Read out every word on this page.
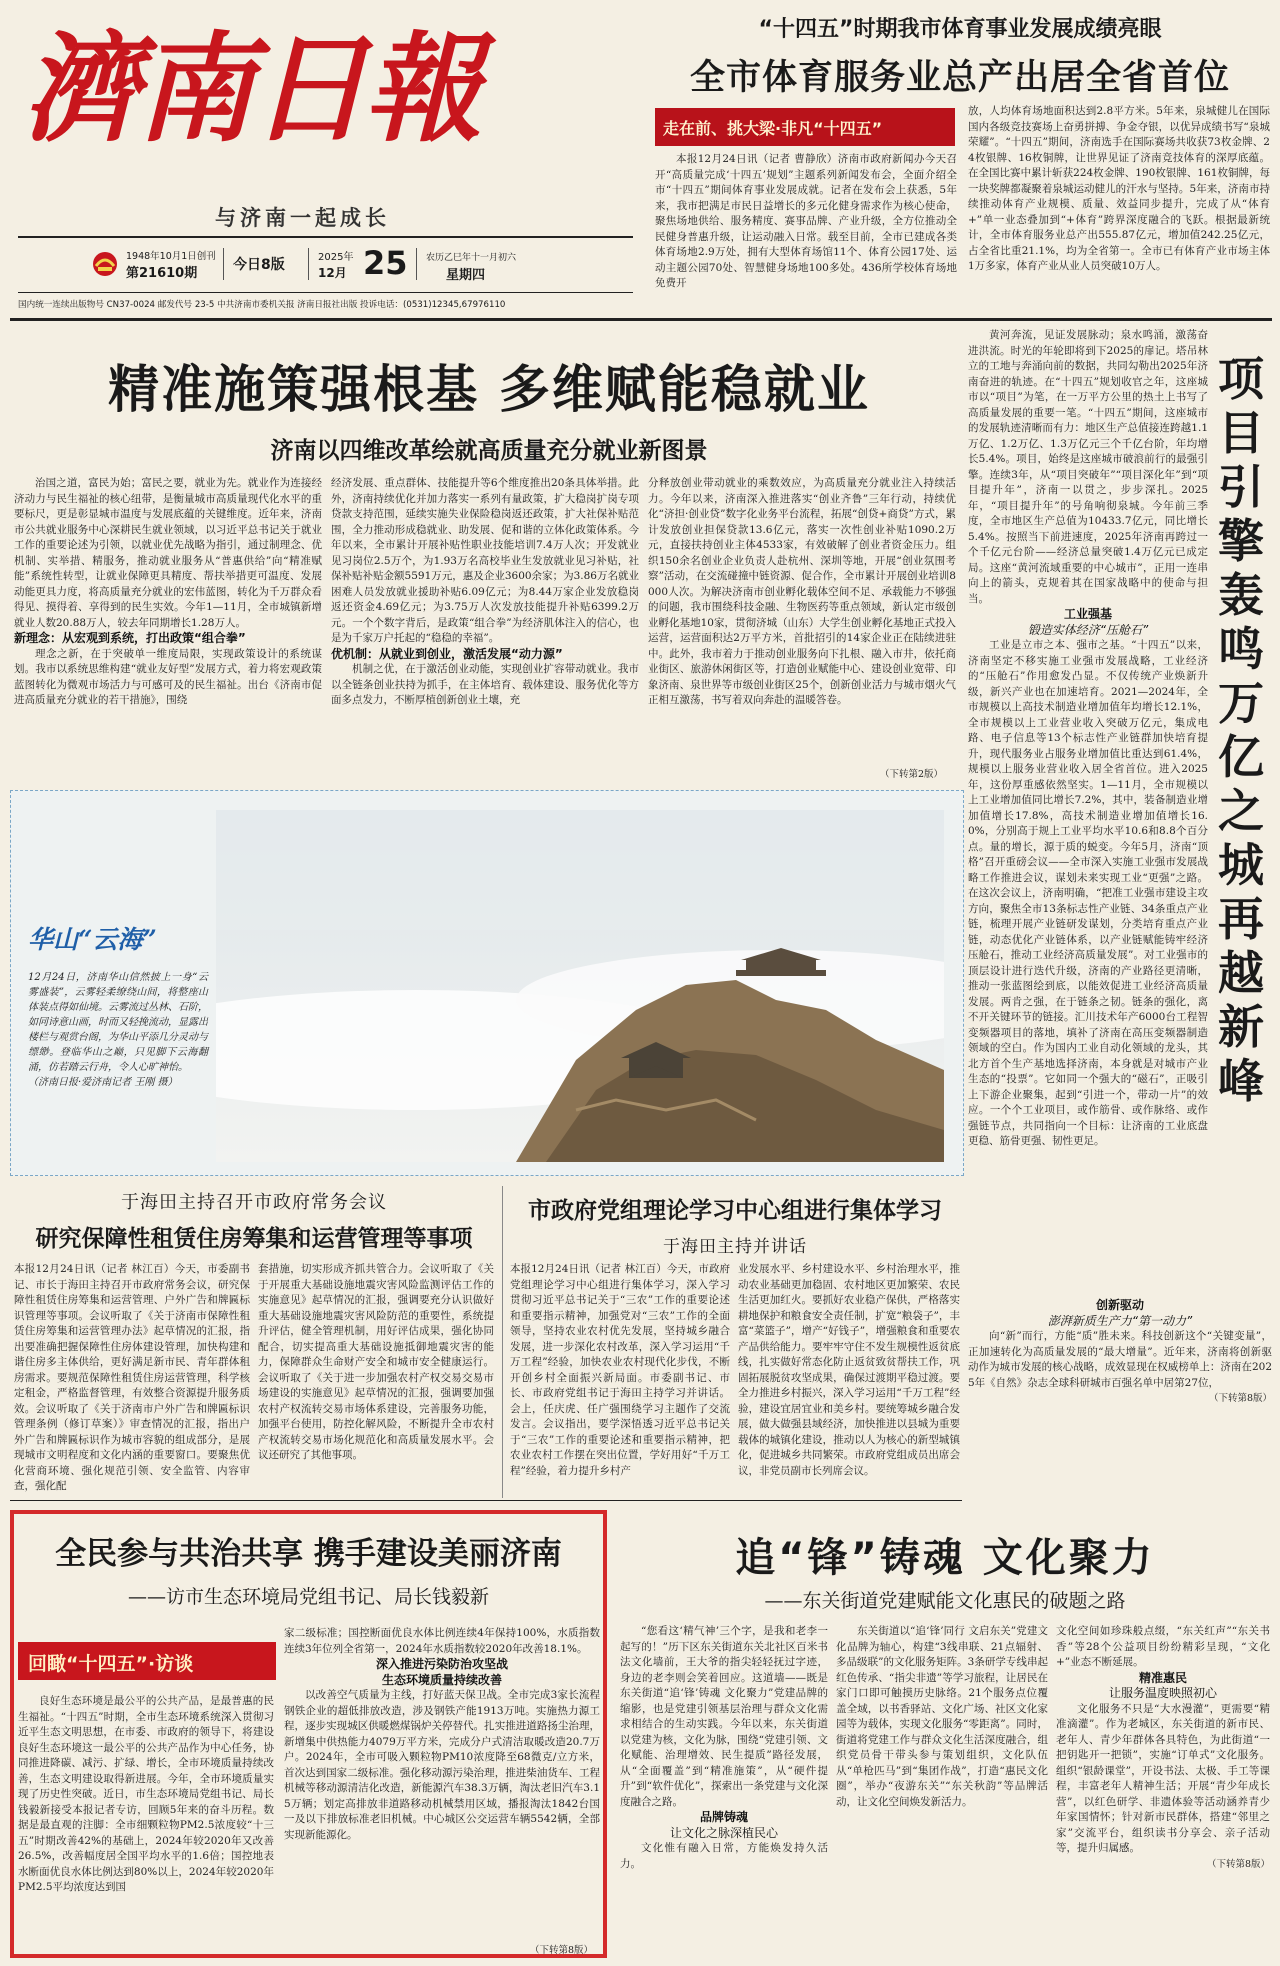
濟南日報
与济南一起成长
1948年10月1日创刊
第21610期
今日8版	2025年
12月 25 农历乙巳年十一月初六
星期四
国内统一连续出版物号 CN37-0024 邮发代号 23-5 中共济南市委机关报 济南日报社出版 投诉电话：(0531)12345,67976110
“十四五”时期我市体育事业发展成绩亮眼
全市体育服务业总产出居全省首位
走在前、挑大梁·非凡“十四五”

本报12月24日讯（记者 曹静欣）济南市政府新闻办今天召开“高质量完成‘十四五’规划”主题系列新闻发布会，全面介绍全市“十四五”期间体育事业发展成就。记者在发布会上获悉，5年来，我市把满足市民日益增长的多元化健身需求作为核心使命，聚焦场地供给、服务精度、赛事品牌、产业升级，全方位推动全民健身普惠升级，让运动融入日常。载至目前，全市已建成各类体育场地2.9万处，拥有大型体育场馆11个、体育公园17处、运动主题公园70处、智慧健身场地100多处。436所学校体育场地免费开

放，人均体育场地面积达到2.8平方米。5年来，泉城健儿在国际国内各级竞技赛场上奋勇拼搏、争金夺银，以优异成绩书写“泉城荣耀”。“十四五”期间，济南选手在国际赛场共收获73枚金牌、24枚银牌、16枚铜牌，让世界见证了济南竞技体育的深厚底蕴。在全国比赛中累计斩获224枚金牌、190枚银牌、161枚铜牌，每一块奖牌都凝聚着泉城运动健儿的汗水与坚持。5年来，济南市持续推动体育产业规模、质量、效益同步提升，完成了从“体育+”单一业态叠加到“+体育”跨界深度融合的飞跃。根据最新统计，全市体育服务业总产出555.87亿元，增加值242.25亿元，占全省比重21.1%，均为全省第一。全市已有体育产业市场主体1万多家，体育产业从业人员突破10万人。

精准施策强根基 多维赋能稳就业
济南以四维改革绘就高质量充分就业新图景

治国之道，富民为始；富民之要，就业为先。就业作为连接经济动力与民生福祉的核心纽带，是衡量城市高质量现代化水平的重要标尺，更是彰显城市温度与发展底蕴的关键维度。近年来，济南市公共就业服务中心深耕民生就业领域，以习近平总书记关于就业工作的重要论述为引领，以就业优先战略为指引，通过制理念、优机制、实举措、精服务，推动就业服务从“普惠供给”向“精准赋能”系统性转型，让就业保障更具精度、帮扶举措更可温度、发展动能更具力度，将高质量充分就业的宏伟蓝图，转化为千万群众看得见、摸得着、享得到的民生实效。今年1—11月，全市城镇新增就业人数20.88万人，较去年同期增长1.28万人。

新理念：从宏观到系统，打出政策“组合拳”

理念之新，在于突破单一维度局限，实现政策设计的系统谋划。我市以系统思维构建“就业友好型”发展方式，着力将宏观政策蓝图转化为微观市场活力与可感可及的民生福祉。出台《济南市促进高质量充分就业的若干措施》，围绕

经济发展、重点群体、技能提升等6个维度推出20条具体举措。此外，济南持续优化并加力落实一系列有量政策，扩大稳岗扩岗专项贷款支持范围，延续实施失业保险稳岗返还政策，扩大社保补贴范围，全力推动形成稳就业、助发展、促和谐的立体化政策体系。今年以来，全市累计开展补贴性职业技能培训7.4万人次；开发就业见习岗位2.5万个，为1.93万名高校毕业生发放就业见习补贴，社保补贴补贴金额5591万元，惠及企业3600余家；为3.86万名就业困难人员发放就业援助补贴6.09亿元；为8.44万家企业发放稳岗返还资金4.69亿元；为3.75万人次发放技能提升补贴6399.2万元。一个个数字背后，是政策“组合拳”为经济肌体注入的信心，也是为千家万户托起的“稳稳的幸福”。

优机制：从就业到创业，激活发展“动力源”

机制之优，在于激活创业动能，实现创业扩容带动就业。我市以全链条创业扶持为抓手，在主体培育、载体建设、服务优化等方面多点发力，不断厚植创新创业土壤，充

分释放创业带动就业的乘数效应，为高质量充分就业注入持续活力。今年以来，济南深入推进落实“创业齐鲁”三年行动，持续优化“济担·创业贷”数字化业务平台流程，拓展“创贷+商贷”方式，累计发放创业担保贷款13.6亿元，落实一次性创业补贴1090.2万元，直接扶持创业主体4533家，有效破解了创业者资金压力。组织150余名创业企业负责人赴杭州、深圳等地，开展“创业氛围考察”活动，在交流碰撞中链资源、促合作，全市累计开展创业培训8000人次。为解决济南市创业孵化载体空间不足、承载能力不够强的问题，我市围绕科技金融、生物医药等重点领域，新认定市级创业孵化基地10家，贯彻济城（山东）大学生创业孵化基地正式投入运营，运营面积达2万平方米，首批招引的14家企业正在陆续进驻中。此外，我市着力于推动创业服务向下扎根、融入市井，依托商业街区、旅游休闲街区等，打造创业赋能中心、建设创业宽带、印象济南、泉世界等市级创业街区25个，创新创业活力与城市烟火气正相互激荡，书写着双向奔赴的温暖答卷。

（下转第2版）
华山“云海”
12月24日，济南华山信然披上一身“云雾盛装”，云雾轻柔缭绕山间，将整座山体装点得如仙境。云雾流过丛林、石阶，如同诗意山画，时而又轻挽流动，显露出楼栏与观赏台阁，为华山平添几分灵动与缥缈。登临华山之巅，只见脚下云海翻涌，仿若踏云行舟，令人心旷神怡。
（济南日报·爱济南记者 王刚 摄）
项目引擎轰鸣 万亿之城再越新峰

黄河奔流，见证发展脉动；泉水鸣涌，激荡奋进洪流。时光的年轮即将到下2025的扉记。塔吊林立的工地与奔涌向前的数据，共同勾勒出2025年济南奋进的轨迹。在“十四五”规划收官之年，这座城市以“项目”为笔，在一万平方公里的热土上书写了高质量发展的重要一笔。“十四五”期间，这座城市的发展轨迹清晰而有力：地区生产总值接连跨越1.1万亿、1.2万亿、1.3万亿元三个千亿台阶，年均增长5.4%。项目，始终是这座城市破浪前行的最强引擎。连续3年，从“项目突破年”“项目深化年”到“项目提升年”，济南一以贯之，步步深扎。2025年，“项目提升年”的号角响彻泉城。今年前三季度，全市地区生产总值为10433.7亿元，同比增长5.4%。按照当下前进速度，2025年济南再跨过一个千亿元台阶——经济总量突破1.4万亿元已成定局。这座“黄河流域重要的中心城市”，正用一连串向上的箭头，克规着其在国家战略中的使命与担当。

工业强基

锻造实体经济“压舱石”

工业是立市之本、强市之基。“十四五”以来，济南坚定不移实施工业强市发展战略，工业经济的“压舱石”作用愈发凸显。不仅传统产业焕新升级，新兴产业也在加速培育。2021—2024年，全市规模以上高技术制造业增加值年均增长12.1%，全市规模以上工业营业收入突破万亿元，集成电路、电子信息等13个标志性产业链群加快培育提升，现代服务业占服务业增加值比重达到61.4%，规模以上服务业营业收入居全省首位。进入2025年，这份厚重感依然坚实。1—11月，全市规模以上工业增加值同比增长7.2%，其中，装备制造业增加值增长17.8%，高技术制造业增加值增长16.0%，分别高于规上工业平均水平10.6和8.8个百分点。量的增长，源于质的蜕变。今年5月，济南“顶格”召开重磅会议——全市深入实施工业强市发展战略工作推进会议，谋划未来实现工业“更强”之路。在这次会议上，济南明确，“把准工业强市建设主攻方向，聚焦全市13条标志性产业链、34条重点产业链，梳理开展产业链研发谋划，分类培育重点产业链，动态优化产业链体系，以产业链赋能铸牢经济压舱石，推动工业经济高质量发展”。对工业强市的顶层设计进行迭代升级，济南的产业路径更清晰，推动一张蓝图绘到底，以能效促进工业经济高质量发展。两肯之强，在于链条之韧。链条的强化，离不开关键环节的链接。汇川技术年产6000台工程智变频器项目的落地，填补了济南在高压变频器制造领域的空白。作为国内工业自动化领域的龙头，其北方首个生产基地选择济南，本身就是对城市产业生态的“投票”。它如同一个强大的“磁石”，正吸引上下游企业聚集，起到“引进一个，带动一片”的效应。一个个工业项目，或作筋骨、或作脉络、或作强链节点，共同指向一个目标：让济南的工业底盘更稳、筋骨更强、韧性更足。

创新驱动

澎湃新质生产力“第一动力”

向“新”而行，方能“质”胜未来。科技创新这个“关键变量”，正加速转化为高质量发展的“最大增量”。近年来，济南将创新驱动作为城市发展的核心战略，成效显现在权威榜单上：济南在2025年《自然》杂志全球科研城市百强名单中居第27位，

（下转第8版）
于海田主持召开市政府常务会议
研究保障性租赁住房筹集和运营管理等事项

本报12月24日讯（记者 林江百）今天，市委副书记、市长于海田主持召开市政府常务会议，研究保障性租赁住房筹集和运营管理、户外广告和牌匾标识管理等事项。会议听取了《关于济南市保障性租赁住房筹集和运营管理办法》起草情况的汇报，指出要准确把握保障性住房体建设管理，加快构建和谐住房多主体供给，更好满足新市民、青年群体租房需求。要规范保障性租赁住房运营管理，科学核定租金，严格监督管理，有效整合资源提升服务质效。会议听取了《关于济南市户外广告和牌匾标识管理条例（修订草案）》审查情况的汇报，指出户外广告和牌匾标识作为城市容貌的组成部分，是展现城市文明程度和文化内涵的重要窗口。要聚焦优化营商环境、强化规范引领、安全监管、内容审查，强化配

套措施，切实形成齐抓共管合力。会议听取了《关于开展重大基础设施地震灾害风险监测评估工作的实施意见》起草情况的汇报，强调要充分认识做好重大基础设施地震灾害风险防范的重要性，系统提升评估，健全管理机制，用好评估成果，强化协同配合，切实提高重大基础设施抵御地震灾害的能力，保障群众生命财产安全和城市安全健康运行。会议听取了《关于进一步加强农村产权交易交易市场建设的实施意见》起草情况的汇报，强调要加强农村产权流转交易市场体系建设，完善服务功能，加强平台使用，防控化解风险，不断提升全市农村产权流转交易市场化规范化和高质量发展水平。会议还研究了其他事项。

市政府党组理论学习中心组进行集体学习
于海田主持并讲话

本报12月24日讯（记者 林江百）今天，市政府党组理论学习中心组进行集体学习，深入学习贯彻习近平总书记关于“三农”工作的重要论述和重要指示精神，加强党对“三农”工作的全面领导，坚持农业农村优先发展，坚持城乡融合发展，进一步深化农村改革，深入学习运用“千万工程”经验，加快农业农村现代化步伐，不断开创乡村全面振兴新局面。市委副书记、市长、市政府党组书记于海田主持学习并讲话。会上，任庆虎、任广强围绕学习主题作了交流发言。会议指出，要学深悟透习近平总书记关于“三农”工作的重要论述和重要指示精神，把农业农村工作摆在突出位置，学好用好“千万工程”经验，着力提升乡村产

业发展水平、乡村建设水平、乡村治理水平，推动农业基础更加稳固、农村地区更加繁荣、农民生活更加红火。要抓好农业稳产保供，严格落实耕地保护和粮食安全责任制，扩宽“粮袋子”，丰富“菜篮子”，增产“好钱子”，增强粮食和重要农产品供给能力。要牢牢守住不发生规模性返贫底线，扎实做好常态化防止返贫致贫帮扶工作，巩固拓展脱贫攻坚成果，确保过渡期平稳过渡。要全力推进乡村振兴，深入学习运用“千万工程”经验，建设宜居宜业和美乡村。要统筹城乡融合发展，做大做强县域经济，加快推进以县城为重要载体的城镇化建设，推动以人为核心的新型城镇化，促进城乡共同繁荣。市政府党组成员出席会议，非党员副市长列席会议。

全民参与共治共享 携手建设美丽济南
——访市生态环境局党组书记、局长钱毅新
回瞰“十四五”·访谈

良好生态环境是最公平的公共产品，是最普惠的民生福祉。“十四五”时期，全市生态环境系统深入贯彻习近平生态文明思想，在市委、市政府的领导下，将建设良好生态环境这一最公平的公共产品作为中心任务，协同推进降碳、减污、扩绿、增长，全市环境质量持续改善，生态文明建设取得新进展。今年，全市环境质量实现了历史性突破。近日，市生态环境局党组书记、局长钱毅新接受本报记者专访，回顾5年来的奋斗历程。数据是最直观的注脚：全市细颗粒物PM2.5浓度较“十三五”时期改善42%的基础上，2024年较2020年又改善26.5%，改善幅度居全国平均水平的1.6倍；国控地表水断面优良水体比例达到80%以上，2024年较2020年PM2.5平均浓度达到国

家二级标准；国控断面优良水体比例连续4年保持100%，水质指数连续3年位列全省第一，2024年水质指数较2020年改善18.1%。

深入推进污染防治攻坚战

生态环境质量持续改善

以改善空气质量为主线，打好蓝天保卫战。全市完成3家长流程钢铁企业的超低排放改造，涉及钢铁产能1913万吨。实施热力源工程，逐步实现城区供暖燃煤锅炉关停替代。扎实推进道路扬尘治理，新增集中供热能力4079万平方米，完成分户式清洁取暖改造20.7万户。2024年，全市可吸入颗粒物PM10浓度降至68微克/立方米，首次达到国家二级标准。强化移动源污染治理，推进柴油货车、工程机械等移动源清洁化改造，新能源汽车38.3万辆，淘汰老旧汽车3.15万辆；划定高排放非道路移动机械禁用区域，播报淘汰1842台国一及以下排放标准老旧机械。中心城区公交运营车辆5542辆，全部实现新能源化。

（下转第8版）
追“锋”铸魂 文化聚力
——东关街道党建赋能文化惠民的破题之路

“您看这‘精气神’三个字，是我和老李一起写的！”历下区东关街道东关北社区百米书法文化墙前，王大爷的指尖轻轻抚过字迹，身边的老李则会笑着回应。这道墙——既是东关街道“追‘锋’铸魂 文化聚力”党建品牌的缩影，也是党建引领基层治理与群众文化需求相结合的生动实践。今年以来，东关街道以党建为核，文化为脉，围绕“党建引领、文化赋能、治理增效、民生提质”路径发展，从“全面覆盖”到“精准施策”，从“硬件提升”到“软件优化”，探索出一条党建与文化深度融合之路。

品牌铸魂

让文化之脉深植民心

文化惟有融入日常，方能焕发持久活力。

东关街道以“追‘锋’同行 文启东关”党建文化品牌为轴心，构建“3线串联、21点辐射、多品级联”的文化服务矩阵。3条研学专线串起红色传承、“指尖非遗”等学习旅程，让居民在家门口即可触摸历史脉络。21个服务点位覆盖全域，以书香驿站、文化广场、社区文化家园等为载体，实现文化服务“零距离”。同时，街道将党建工作与群众文化生活深度融合，组织党员骨干带头参与策划组织，文化队伍从“单枪匹马”到“集团作战”，打造“惠民文化圈”，举办“夜游东关”“东关秋韵”等品牌活动，让文化空间焕发新活力。

文化空间如珍珠般点缀，“东关红声”“东关书香”等28个公益项目纷纷精彩呈现，“文化+”业态不断延展。

精准惠民

让服务温度映照初心

文化服务不只是“大水漫灌”，更需要“精准滴灌”。作为老城区，东关街道的新市民、老年人、青少年群体各具特色，为此街道“一把钥匙开一把锁”，实施“订单式”文化服务。组织“银龄课堂”，开设书法、太极、手工等课程，丰富老年人精神生活；开展“青少年成长营”，以红色研学、非遗体验等活动涵养青少年家国情怀；针对新市民群体，搭建“邻里之家”交流平台，组织读书分享会、亲子活动等，提升归属感。

（下转第8版）
